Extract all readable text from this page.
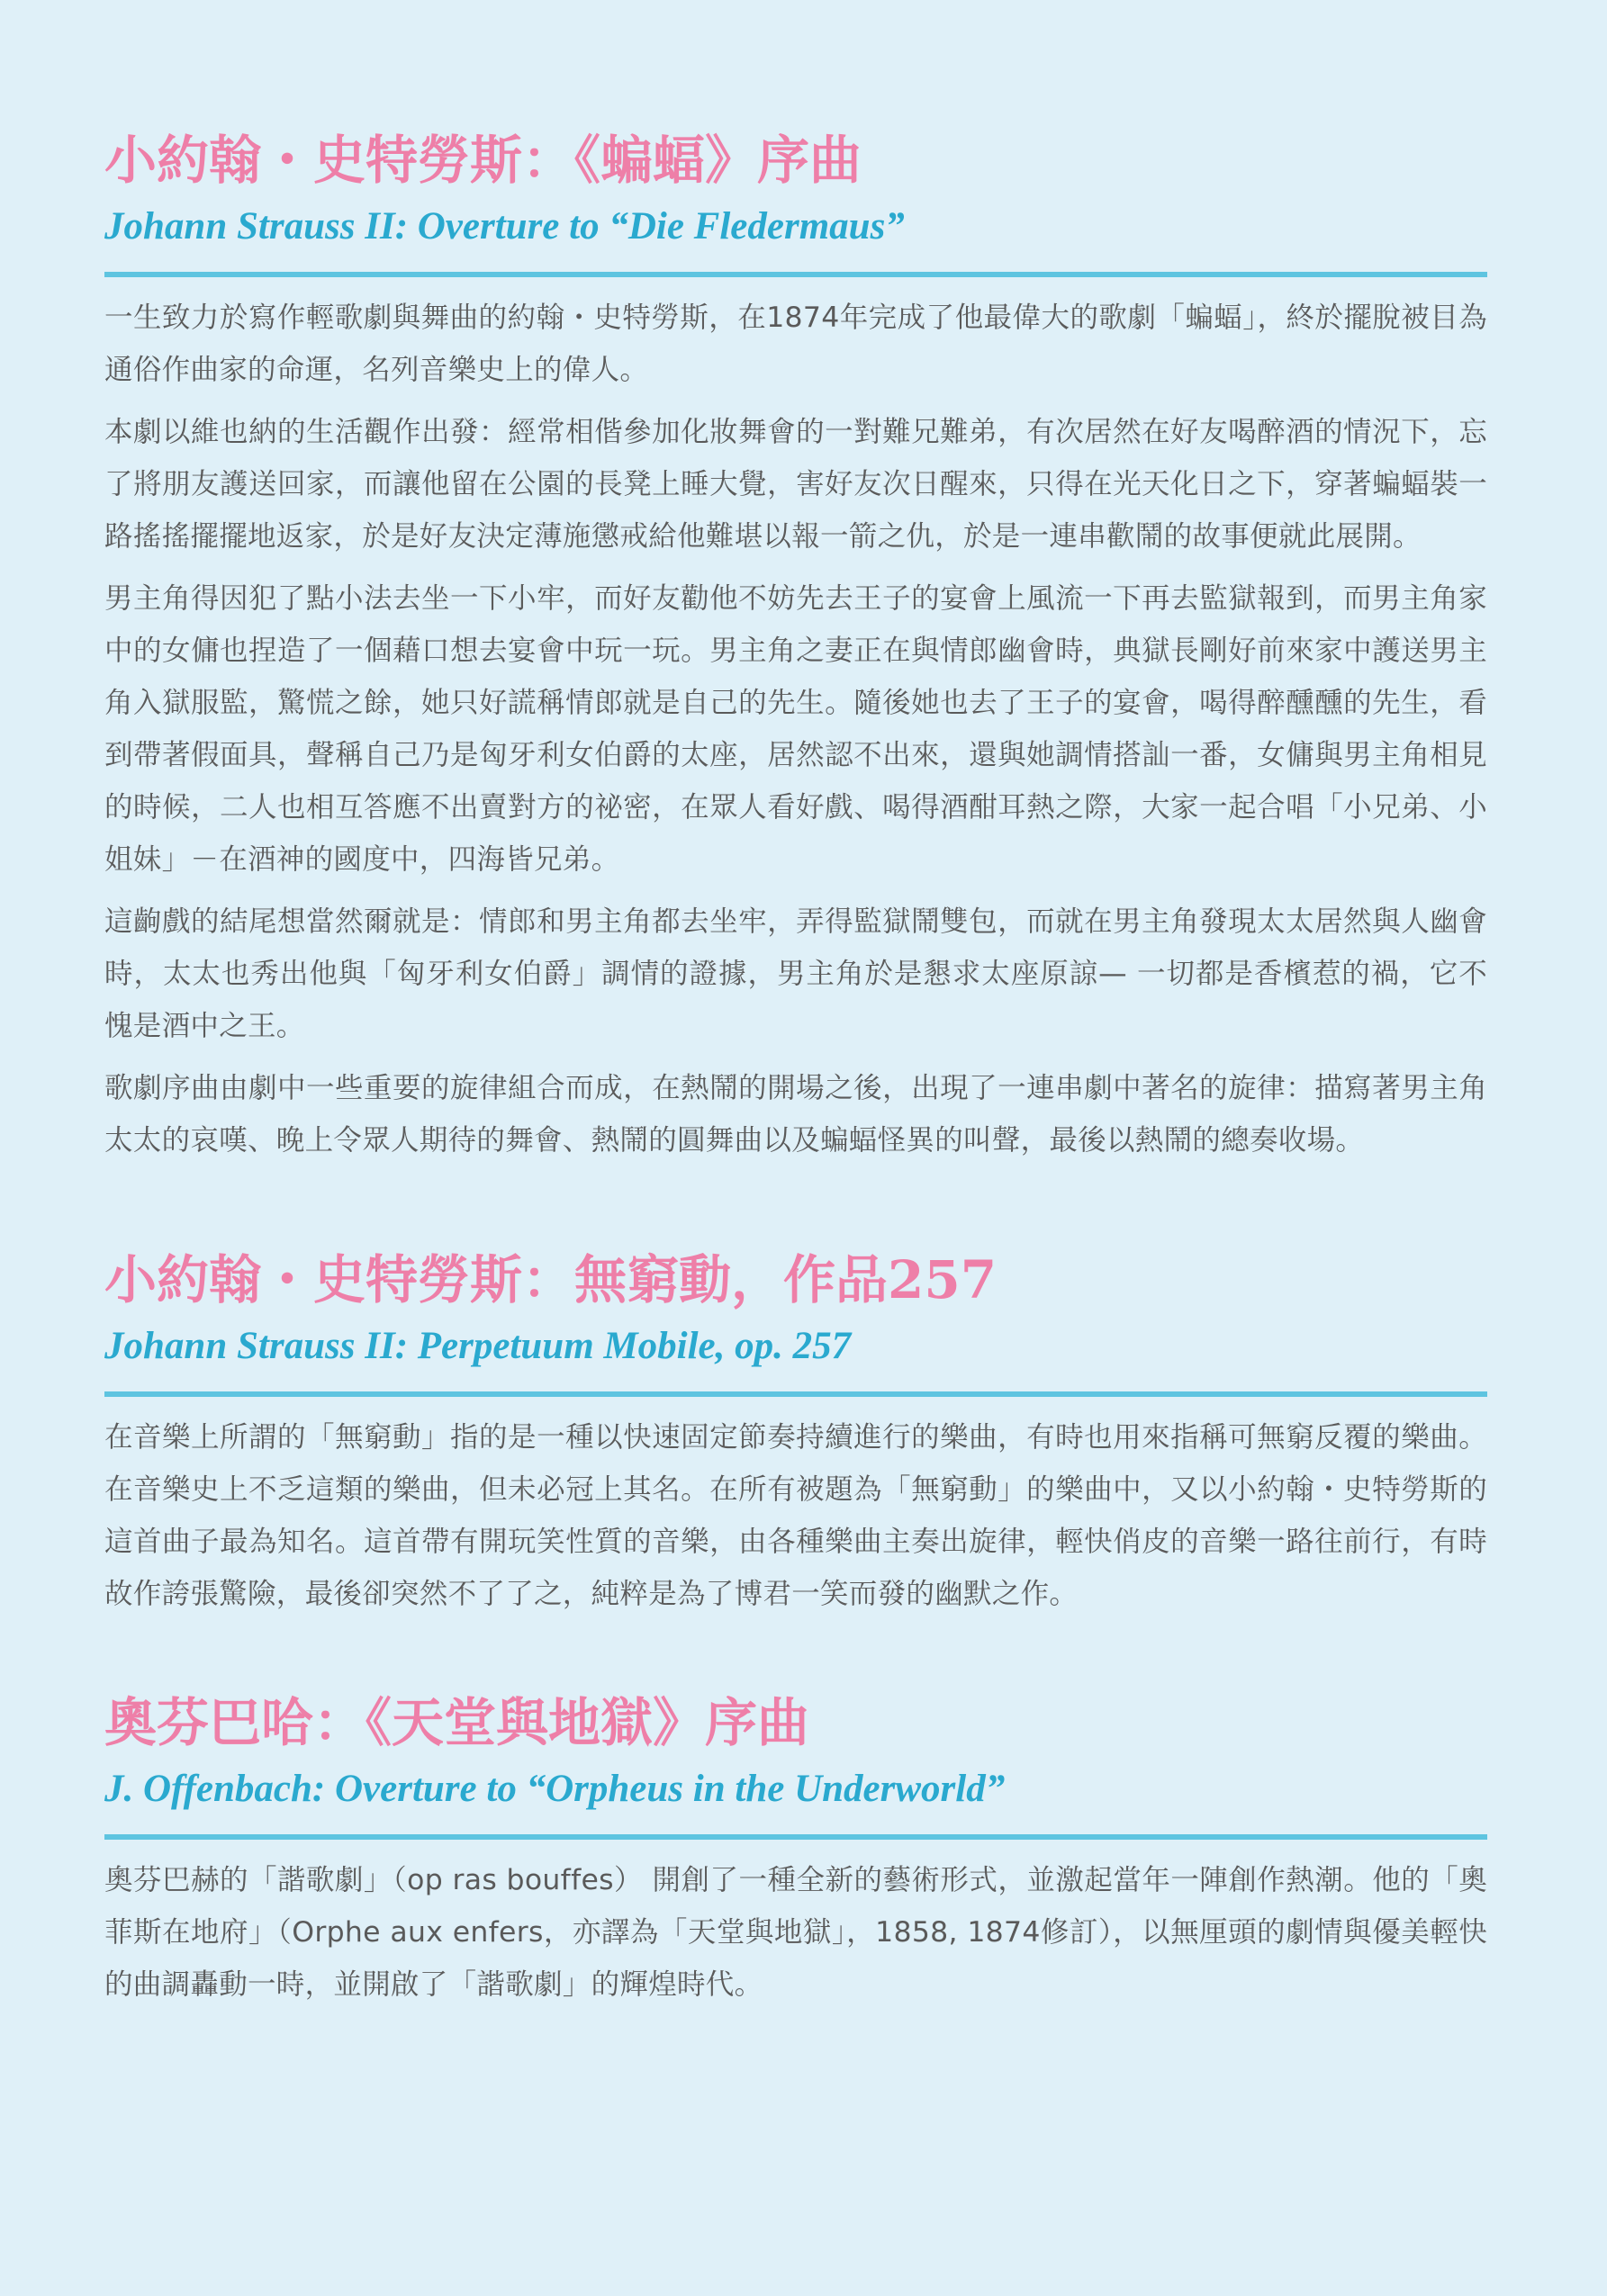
小約翰・史特勞斯：《蝙蝠》序曲
Johann Strauss II: Overture to “Die Fledermaus”

一生致力於寫作輕歌劇與舞曲的約翰・史特勞斯，在1874年完成了他最偉大的歌劇「蝙蝠」，終於擺脫被目為通俗作曲家的命運，名列音樂史上的偉人。

本劇以維也納的生活觀作出發：經常相偕參加化妝舞會的一對難兄難弟，有次居然在好友喝醉酒的情況下，忘了將朋友護送回家，而讓他留在公園的長凳上睡大覺，害好友次日醒來，只得在光天化日之下，穿著蝙蝠裝一路搖搖擺擺地返家，於是好友決定薄施懲戒給他難堪以報一箭之仇，於是一連串歡鬧的故事便就此展開。

男主角得因犯了點小法去坐一下小牢，而好友勸他不妨先去王子的宴會上風流一下再去監獄報到，而男主角家中的女傭也捏造了一個藉口想去宴會中玩一玩。男主角之妻正在與情郎幽會時，典獄長剛好前來家中護送男主角入獄服監，驚慌之餘，她只好謊稱情郎就是自己的先生。隨後她也去了王子的宴會，喝得醉醺醺的先生，看到帶著假面具，聲稱自己乃是匈牙利女伯爵的太座，居然認不出來，還與她調情搭訕一番，女傭與男主角相見的時候，二人也相互答應不出賣對方的祕密，在眾人看好戲、喝得酒酣耳熱之際，大家一起合唱「小兄弟、小姐妹」－在酒神的國度中，四海皆兄弟。

這齣戲的結尾想當然爾就是：情郎和男主角都去坐牢，弄得監獄鬧雙包，而就在男主角發現太太居然與人幽會時，太太也秀出他與「匈牙利女伯爵」調情的證據，男主角於是懇求太座原諒— 一切都是香檳惹的禍，它不愧是酒中之王。

歌劇序曲由劇中一些重要的旋律組合而成，在熱鬧的開場之後，出現了一連串劇中著名的旋律：描寫著男主角太太的哀嘆、晚上令眾人期待的舞會、熱鬧的圓舞曲以及蝙蝠怪異的叫聲，最後以熱鬧的總奏收場。

小約翰・史特勞斯：無窮動，作品257
Johann Strauss II: Perpetuum Mobile, op. 257

在音樂上所謂的「無窮動」指的是一種以快速固定節奏持續進行的樂曲，有時也用來指稱可無窮反覆的樂曲。在音樂史上不乏這類的樂曲，但未必冠上其名。在所有被題為「無窮動」的樂曲中，又以小約翰・史特勞斯的這首曲子最為知名。這首帶有開玩笑性質的音樂，由各種樂曲主奏出旋律，輕快俏皮的音樂一路往前行，有時故作誇張驚險，最後卻突然不了了之，純粹是為了博君一笑而發的幽默之作。

奧芬巴哈：《天堂與地獄》序曲
J. Offenbach: Overture to “Orpheus in the Underworld”

奧芬巴赫的「諧歌劇」（op ras bouffes） 開創了一種全新的藝術形式，並激起當年一陣創作熱潮。他的「奧菲斯在地府」（Orphe aux enfers，亦譯為「天堂與地獄」，1858, 1874修訂），以無厘頭的劇情與優美輕快的曲調轟動一時，並開啟了「諧歌劇」的輝煌時代。
